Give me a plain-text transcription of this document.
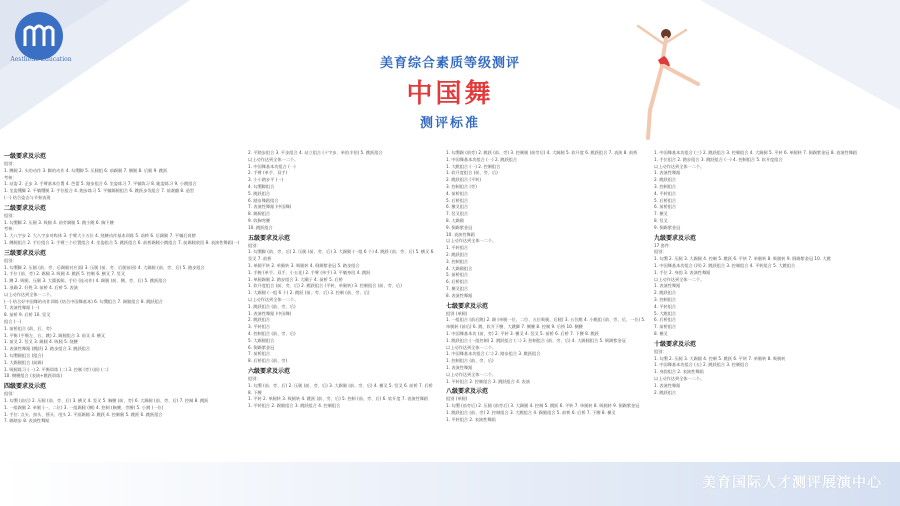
Aesthetic Education	美育综合素质等级测评
中国舞
测评标准

一级要求及示范

组别：

1. 蹲腿 2. 头的动作 3. 脚的动作 4. 勾绷脚 5. 压腿组 6. 前踢腿 7. 侧腿 8. 后腿 9. 跳跃

考核：

1. 站姿 2. 正步 3. 手臂基本位置 4. 芭蕾 5. 踏步组合 6. 坐姿练习 7. 平躺练习 8. 跪姿练习 9. 小跳组合

1. 坐姿绷脚 2. 平躺绷腿 3. 手位组合 4. 跑步练习 5. 平躺踢腿组合 6. 跳跃步伐组合 7. 前滚翻 8. 造型

(一) 结合姿态与节奏表现

二级要求及示范

组别：

1. 勾绷脚 2. 压腿 3. 吸腿 4. 前旁踢腿 5. 跳小跳 6. 胸下腰

考核：

1. 大八字步 2. 大八字步对称体 3. 手臂大小五位 4. 绕腰动作基本训练 5. 前桥 6. 后踢腿 7. 平躺后肩膀

1. 蹲腿组合 2. 手位组合 3. 手臂三个位置组合 4. 坐姿组合 5. 跳跃组合 6. 前桥踢腿小跳组合 7. 前踢腿收回 8. 表演性舞蹈(一)

三级要求及示范

组别：

1. 勾绷脚 2. 压腿 (前、旁、后踢腿对应面) 3. 压腿 (前、旁、后腿前屈) 4. 大踢腿 (前、旁、后) 5. 踏步组合

1. 手位 (前、旁) 2. 踢腿 3. 吸腿 4. 跳跃 5. 控制 6. 横叉 7. 竖叉

1. 蹲 2. 吸腿、压腿 3. 大圆弧腿、手位 (连动作) 4. 踢腿 (前、侧、旁、后) 5. 跳跃组合

1. 准确 2. 好胜 3. 前桥 4. 后桥 5. 表演

以上动作达到全体一二个。

(一) 结合好中国舞的动作训练 (结合中国舞基本) 6. 勾绷组合 7. 踢腿组合 8. 跳跃组合

7. 表演性舞蹈 (一)

8. 前桥 9. 后桥 10. 竖叉

组合 (一)

1. 前桥组合 (前、后、旁)

1. 平衡 (平衡左、右、跳) 2. 踢腿组合 3. 前叉 4. 横叉

1. 前叉 2. 竖叉 3. 踢腿 4. 吸腿 5. 绕腰

1. 表演性舞蹈 (跳跃) 2. 踏步组合 3. 跳跃组合

1. 勾绷腿组合 (组合)

1. 大踢腿组合 (前踢)

1. 吸腿练习 (一) 2. 平衡训练 (二) 3. 控制 (旁) (前) (二)

10. 侧腰组合 (表演+跳跃训练)

四级要求及示范

组别：

1. 勾绷 (前后) 2. 压腿 (前、旁、后) 3. 横叉 4. 竖叉 5. 胸腰 (前、旁) 6. 大踢腿 (前、旁、后) 7. 控制 8. 跳跃

1. 一组踢腿 2. 单腿 (一、二位) 3. 一组踢腿 (侧) 4. 控制 (胸腰、旁腰) 5. 小跳 (一位)

1. 手位: 点头、扣头、摇头、甩头 2. 平面踢腿 3. 跳跃 4. 控制腿 5. 跳跃 6. 跳跃组合

7. 踢踏步 8. 表演性舞蹈

2. 平踏步组合 3. 平步组合 4. 站立组合 (十字步、单拍半拍) 5. 跳跃组合

以上动作达到全体一二个。

1. 中国舞基本功组合 (一)

2. 手臂 (单手、双手)

3. 小小踏步平 (一)

4. 勾绷脚组合

5. 跳跃组合

6. 踏步舞蹈组合

7. 表演性舞蹈 (中国舞)

8. 踢腿组合

9. 收胸弯腰

10. 跳跃组合

五级要求及示范

组别：

1. 勾绷脚 (前、旁、后) 2. 压腿 (前、旁、后) 3. 大踢腿 (一组 6 个) 4. 跳跃 (前、旁、后) 5. 横叉 6. 竖叉 7. 前桥

1. 单腿平转 2. 单腿转 3. 吸腿转 4. 倒踢紫金冠 5. 踏步组合

1. 手腕 (单手、双手、小五花) 2. 手臂 (单手) 3. 平躺身段 4. 跳跃

1. 单腿踢腿 2. 踏步组合 3. 大蹦子 4. 前桥 5. 后桥

1. 软开度组合 (前、旁、后) 2. 跳跃组合 (平转、单腿转) 3. 控制组合 (前、旁、后)

1. 大踢腿 (一组 6 个) 2. 跳跃 (前、旁、后) 3. 控制 (前、旁、后)

以上动作达到全体一二个。

1. 跳跃组合 (前、旁、后)

1. 表演性舞蹈 (中国舞)

2. 跳跃组合

3. 平转组合

4. 控制组合 (前、旁、后)

5. 大踢腿组合

6. 倒踢紫金冠

7. 前桥组合

8. 后桥组合 (前、旁)

六级要求及示范

组别：

1. 勾绷 (前、旁、后) 2. 压腿 (前、旁、后) 3. 大踢腿 (前、旁、后) 4. 横叉 5. 竖叉 6. 前桥 7. 后桥 8. 下腰

1. 平转 2. 单腿转 3. 吸腿转 4. 跳跃 (前、旁、后) 5. 控制 (前、旁、后) 6. 软开度 7. 表演性舞蹈

1. 平转组合 2. 踢腿组合 3. 跳跃组合 4. 控制组合

1. 勾绷踢 (前旁) 2. 跳跃 (前、旁) 3. 控制腿 (前旁后) 4. 大踢腿 5. 软开度 6. 跳跃组合 7. 表演 8. 前桥

1. 中国舞基本功组合 (一) 2. 跳跃组合

1. 大跳组合 (一) 2. 控制组合

1. 软开度组合 (前、旁、后)

2. 跳跃组合 (平转)

3. 控制组合 (旁)

4. 前桥组合

5. 后桥组合

6. 横叉组合

7. 竖叉组合

8. 大踢腿

9. 倒踢紫金冠

10. 表演性舞蹈

以上动作达到全体一二个。

1. 平转组合

2. 跳跃组合

3. 控制组合

4. 大踢腿组合

5. 前桥组合

6. 后桥组合

7. 横叉组合

8. 表演性舞蹈

七级要求及示范

组别 (单腿)

1. 一组组合 (前后跳) 2. 踢 (单腿一位、二位、五位吸腿、后腿) 3. 五位跳 4. 小跳组 (前、旁、后、一位) 5. 单腿转 (前后) 6. 跳、软开下腰、大跳脚 7. 侧腰 8. 控制 9. 后桥 10. 侧腰

1. 中国舞基本功 (前、旁) 2. 平转 3. 横叉 4. 竖叉 5. 前桥 6. 后桥 7. 下腰 8. 跳跃

1. 跳跃组合 (一组控制) 2. 跳跃组合 (二) 3. 控制组合 (前、旁、后) 4. 大踢腿组合 5. 倒踢紫金冠

以上动作达到全体一二个。

1. 中国舞基本功组合 (二) 2. 踏步组合 3. 跳跃组合

1. 控制组合 (前、旁、后)

1. 表演性舞蹈

以上动作达到全体一二个。

1. 平转组合 2. 控制组合 3. 跳跃组合 4. 表演

八级要求及示范

组别 (单腿)

1. 勾绷 (前旁后) 2. 压腿 (前旁后) 3. 大踢腿 4. 控制 5. 跳跃 6. 平转 7. 单腿转 8. 吸腿转 9. 倒踢紫金冠

1. 跳跃组合 (前、旁) 2. 控制组合 3. 大跳组合 4. 踢腿组合 5. 前桥 6. 后桥 7. 下腰 8. 横叉

1. 平转组合 2. 表演性舞蹈

1. 中国舞基本功组合 (三) 2. 跳跃组合 3. 控制组合 4. 大踢腿 5. 平转 6. 单腿转 7. 倒踢紫金冠 8. 表演性舞蹈

1. 手位组合 2. 踏步组合 3. 跳跃组合 (一) 4. 控制组合 5. 软开度组合

以上动作达到全体一二个。

1. 表演性舞蹈

2. 跳跃组合

3. 控制组合

4. 平转组合

5. 后桥组合

6. 前桥组合

7. 横叉

8. 竖叉

9. 倒踢紫金冠

九级要求及示范

17 套件：

组别：

1. 勾绷 2. 压腿 3. 大踢腿 4. 控制 5. 跳跃 6. 平转 7. 单腿转 8. 吸腿转 9. 倒踢紫金冠 10. 大跳

1. 中国舞基本功组合 (四) 2. 跳跃组合 3. 控制组合 4. 平转组合 5. 大跳组合

1. 手位 2. 身韵 3. 表演性舞蹈

以上动作达到全体一二个。

1. 表演性舞蹈

2. 跳跃组合

3. 控制组合

4. 平转组合

5. 大跳组合

6. 后桥组合

7. 前桥组合

8. 横叉

十级要求及示范

组别：

1. 勾绷 2. 压腿 3. 大踢腿 4. 控制 5. 跳跃 6. 平转 7. 单腿转 8. 吸腿转

1. 中国舞基本功组合 (五) 2. 跳跃组合 3. 控制组合

1. 身韵组合 2. 表演性舞蹈

以上动作达到全体一二个。

1. 表演性舞蹈

2. 跳跃组合

美育国际人才测评展演中心
